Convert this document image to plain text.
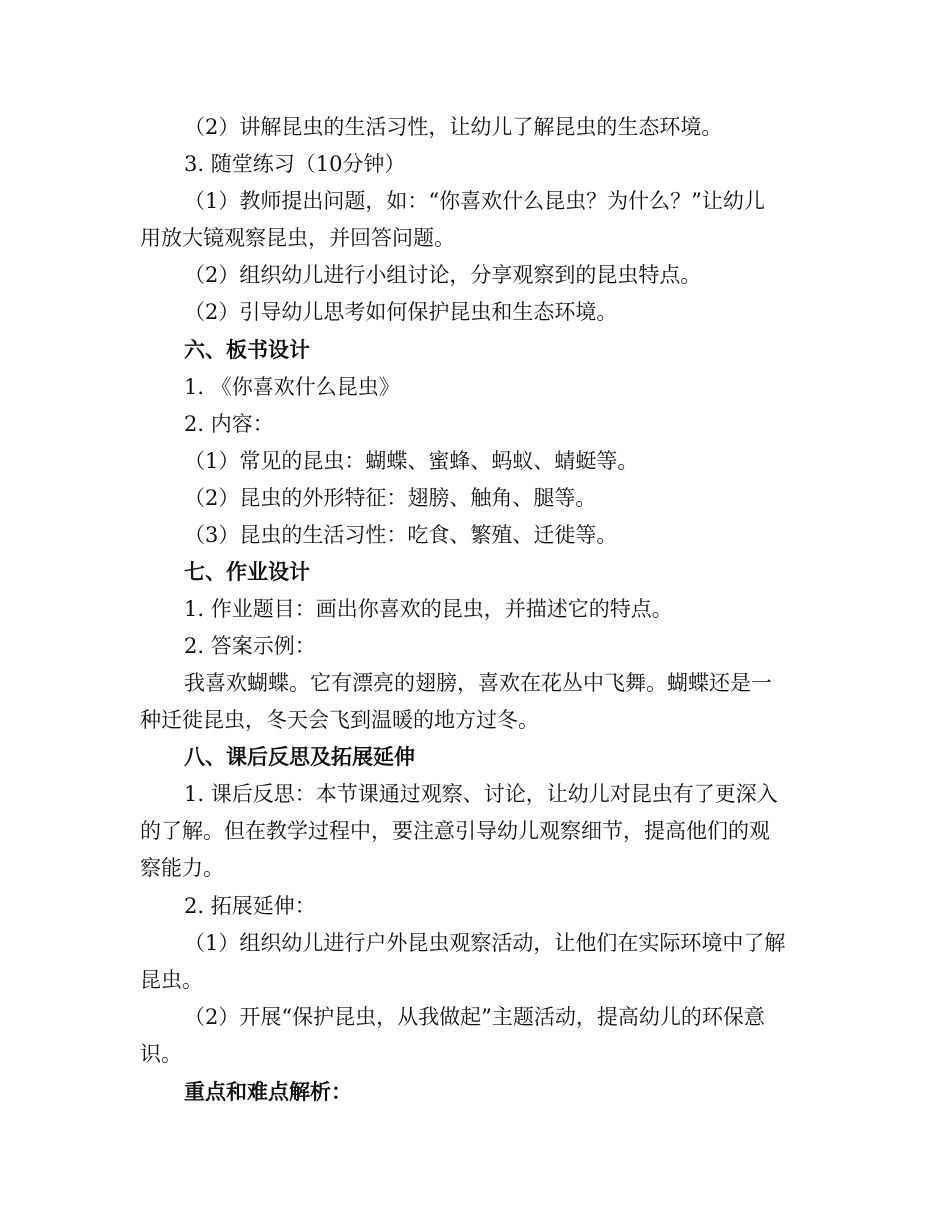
（2）讲解昆虫的生活习性，让幼儿了解昆虫的生态环境。
3. 随堂练习（10分钟）
（1）教师提出问题，如：“你喜欢什么昆虫？为什么？”让幼儿
用放大镜观察昆虫，并回答问题。
（2）组织幼儿进行小组讨论，分享观察到的昆虫特点。
（2）引导幼儿思考如何保护昆虫和生态环境。
六、板书设计
1. 《你喜欢什么昆虫》
2. 内容：
（1）常见的昆虫：蝴蝶、蜜蜂、蚂蚁、蜻蜓等。
（2）昆虫的外形特征：翅膀、触角、腿等。
（3）昆虫的生活习性：吃食、繁殖、迁徙等。
七、作业设计
1. 作业题目：画出你喜欢的昆虫，并描述它的特点。
2. 答案示例：
我喜欢蝴蝶。它有漂亮的翅膀，喜欢在花丛中飞舞。蝴蝶还是一
种迁徙昆虫，冬天会飞到温暖的地方过冬。
八、课后反思及拓展延伸
1. 课后反思：本节课通过观察、讨论，让幼儿对昆虫有了更深入
的了解。但在教学过程中，要注意引导幼儿观察细节，提高他们的观
察能力。
2. 拓展延伸：
（1）组织幼儿进行户外昆虫观察活动，让他们在实际环境中了解
昆虫。
（2）开展“保护昆虫，从我做起”主题活动，提高幼儿的环保意
识。
重点和难点解析：
